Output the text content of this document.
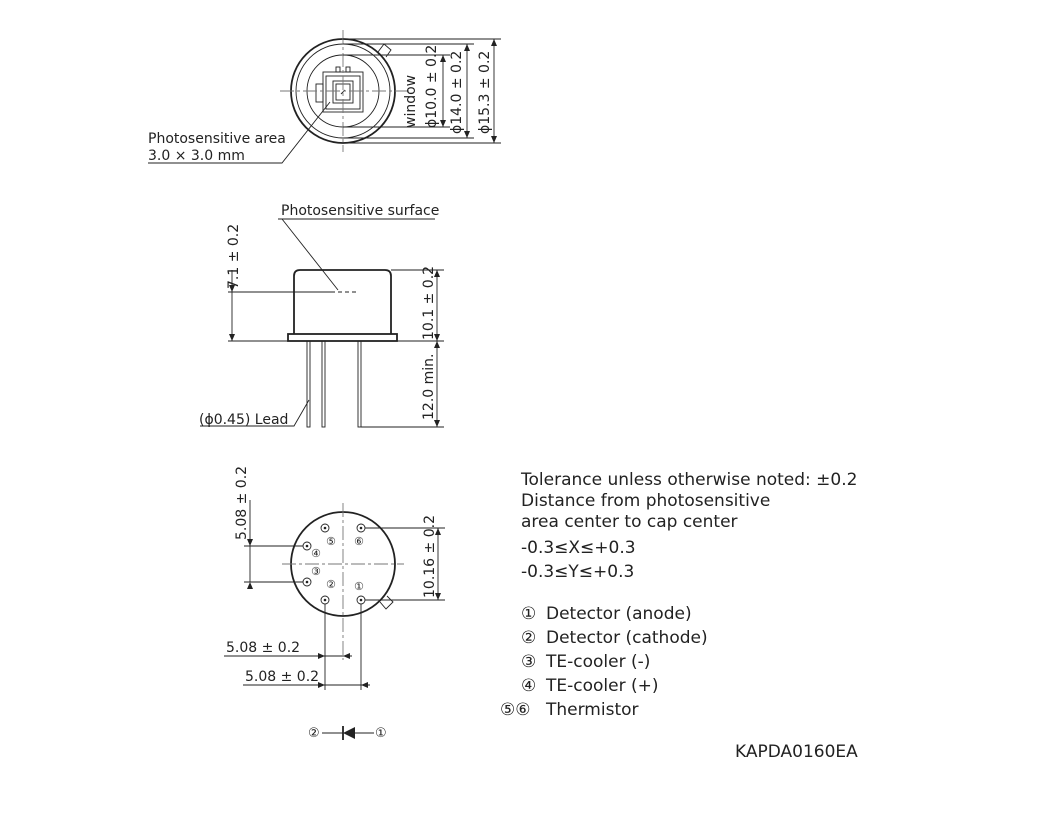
Photosensitive area
3.0 × 3.0 mm
window ϕ10.0 ± 0.2 ϕ14.0 ± 0.2 ϕ15.3 ± 0.2
Photosensitive surface
(ϕ0.45) Lead
7.1 ± 0.2
10.1 ± 0.2
12.0 min.
①
②
③
④
⑤ ⑥
5.08 ± 0.2
10.16 ± 0.2
5.08 ± 0.2
5.08 ± 0.2
②	①
Tolerance unless otherwise noted: ±0.2
Distance from photosensitive
area center to cap center
-0.3≤X≤+0.3
-0.3≤Y≤+0.3
① Detector (anode)
② Detector (cathode)
③ TE-cooler (-)
④ TE-cooler (+)
⑤⑥ Thermistor
KAPDA0160EA
